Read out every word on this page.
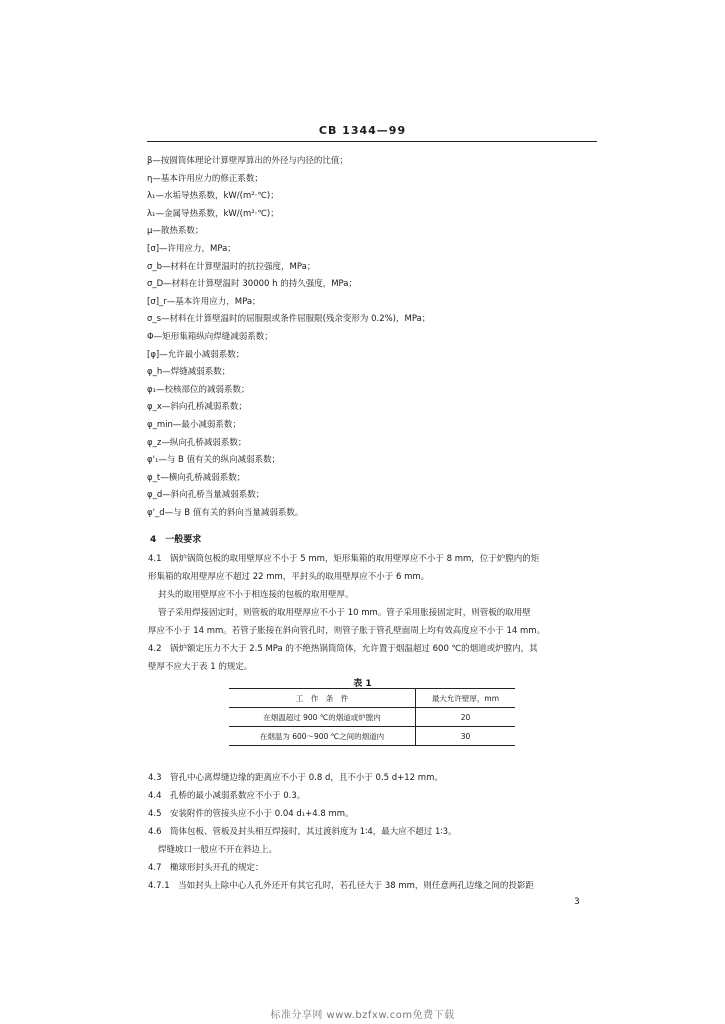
CB 1344—99
β—按圆筒体理论计算壁厚算出的外径与内径的比值；
η—基本许用应力的修正系数；
λ₁—水垢导热系数，kW/(m²·℃)；
λ₁—金属导热系数，kW/(m²·℃)；
μ—散热系数；
[σ]—许用应力，MPa；
σ_b—材料在计算壁温时的抗拉强度，MPa；
σ_D—材料在计算壁温时 30000 h 的持久强度，MPa；
[σ]_r—基本许用应力，MPa；
σ_s—材料在计算壁温时的屈服限或条件屈服限(残余变形为 0.2%)，MPa；
Φ—矩形集箱纵向焊缝减弱系数；
[φ]—允许最小减弱系数；
φ_h—焊缝减弱系数；
φ₁—校核部位的减弱系数；
φ_x—斜向孔桥减弱系数；
φ_min—最小减弱系数；
φ_z—纵向孔桥减弱系数；
φ'₁—与 B 值有关的纵向减弱系数；
φ_t—横向孔桥减弱系数；
φ_d—斜向孔桥当量减弱系数；
φ'_d—与 B 值有关的斜向当量减弱系数。
4　一般要求
4.1　锅炉锅筒包板的取用壁厚应不小于 5 mm，矩形集箱的取用壁厚应不小于 8 mm，位于炉膛内的矩
形集箱的取用壁厚应不超过 22 mm，平封头的取用壁厚应不小于 6 mm。
封头的取用壁厚应不小于相连接的包板的取用壁厚。
管子采用焊接固定时，则管板的取用壁厚应不小于 10 mm。管子采用胀接固定时，则管板的取用壁
厚应不小于 14 mm。若管子胀接在斜向管孔时，则管子胀于管孔壁面周上均有效高度应不小于 14 mm。
4.2　锅炉额定压力不大于 2.5 MPa 的不绝热锅筒筒体，允许置于烟温超过 600 ℃的烟道或炉膛内，其
壁厚不应大于表 1 的规定。
表 1
工　作　条　件	最大允许壁厚，mm
在烟温超过 900 ℃的烟道或炉膛内	20
在烟温为 600～900 ℃之间的烟道内	30
4.3　管孔中心离焊缝边缘的距离应不小于 0.8 d，且不小于 0.5 d+12 mm。
4.4　孔桥的最小减弱系数应不小于 0.3。
4.5　安装附件的管接头应不小于 0.04 d₁+4.8 mm。
4.6　筒体包板、管板及封头相互焊接时，其过渡斜度为 1∶4，最大应不超过 1∶3。
焊缝坡口一般应不开在斜边上。
4.7　椭球形封头开孔的规定：
4.7.1　当如封头上除中心人孔外还开有其它孔时，若孔径大于 38 mm，则任意两孔边缘之间的投影距
3
标准分享网 www.bzfxw.com免费下载
